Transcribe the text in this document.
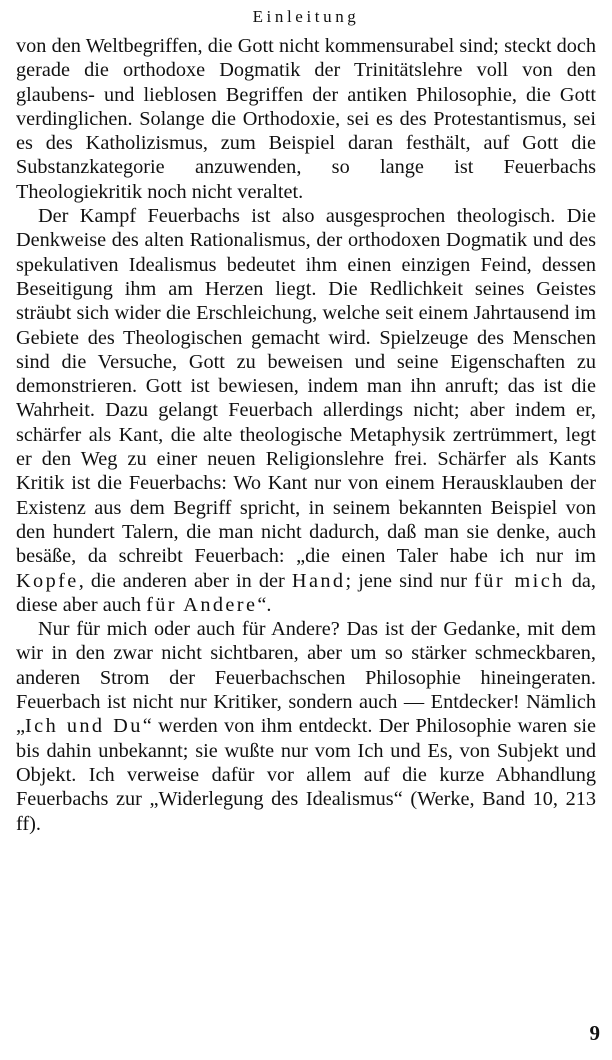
Einleitung

von den Weltbegriffen, die Gott nicht kommensurabel sind; steckt doch gerade die orthodoxe Dogmatik der Trinitätslehre voll von den glaubens- und lieblosen Begriffen der antiken Philosophie, die Gott verdinglichen. Solange die Orthodoxie, sei es des Protestantismus, sei es des Katholizismus, zum Beispiel daran festhält, auf Gott die Substanzkategorie anzuwenden, so lange ist Feuerbachs Theologiekritik noch nicht veraltet.

Der Kampf Feuerbachs ist also ausgesprochen theologisch. Die Denkweise des alten Rationalismus, der orthodoxen Dogmatik und des spekulativen Idealismus bedeutet ihm einen einzigen Feind, dessen Beseitigung ihm am Herzen liegt. Die Redlichkeit seines Geistes sträubt sich wider die Erschleichung, welche seit einem Jahrtausend im Gebiete des Theologischen gemacht wird. Spielzeuge des Menschen sind die Versuche, Gott zu beweisen und seine Eigenschaften zu demonstrieren. Gott ist bewiesen, indem man ihn anruft; das ist die Wahrheit. Dazu gelangt Feuerbach allerdings nicht; aber indem er, schärfer als Kant, die alte theologische Metaphysik zertrümmert, legt er den Weg zu einer neuen Religionslehre frei. Schärfer als Kants Kritik ist die Feuerbachs: Wo Kant nur von einem Herausklauben der Existenz aus dem Begriff spricht, in seinem bekannten Beispiel von den hundert Talern, die man nicht dadurch, daß man sie denke, auch besäße, da schreibt Feuerbach: „die einen Taler habe ich nur im Kopfe, die anderen aber in der Hand; jene sind nur für mich da, diese aber auch für Andere“.

Nur für mich oder auch für Andere? Das ist der Gedanke, mit dem wir in den zwar nicht sichtbaren, aber um so stärker schmeckbaren, anderen Strom der Feuerbachschen Philosophie hineingeraten. Feuerbach ist nicht nur Kritiker, sondern auch — Entdecker! Nämlich „Ich und Du“ werden von ihm entdeckt. Der Philosophie waren sie bis dahin unbekannt; sie wußte nur vom Ich und Es, von Subjekt und Objekt. Ich verweise dafür vor allem auf die kurze Abhandlung Feuerbachs zur „Widerlegung des Idealismus“ (Werke, Band 10, 213 ff).

9
